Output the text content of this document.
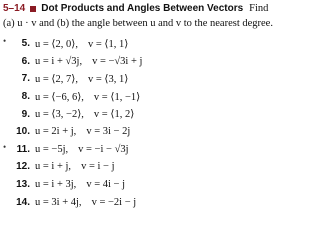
5–14 Dot Products and Angles Between Vectors Find
(a) u · v and (b) the angle between u and v to the nearest degree.
•	5. u = ⟨2, 0⟩, v = ⟨1, 1⟩
6. u = i + √3j, v = −√3i + j
7. u = ⟨2, 7⟩, v = ⟨3, 1⟩
8. u = ⟨−6, 6⟩, v = ⟨1, −1⟩
9. u = ⟨3, −2⟩, v = ⟨1, 2⟩
10. u = 2i + j, v = 3i − 2j
•	11. u = −5j, v = −i − √3j
12. u = i + j, v = i − j
13. u = i + 3j, v = 4i − j
14. u = 3i + 4j, v = −2i − j
